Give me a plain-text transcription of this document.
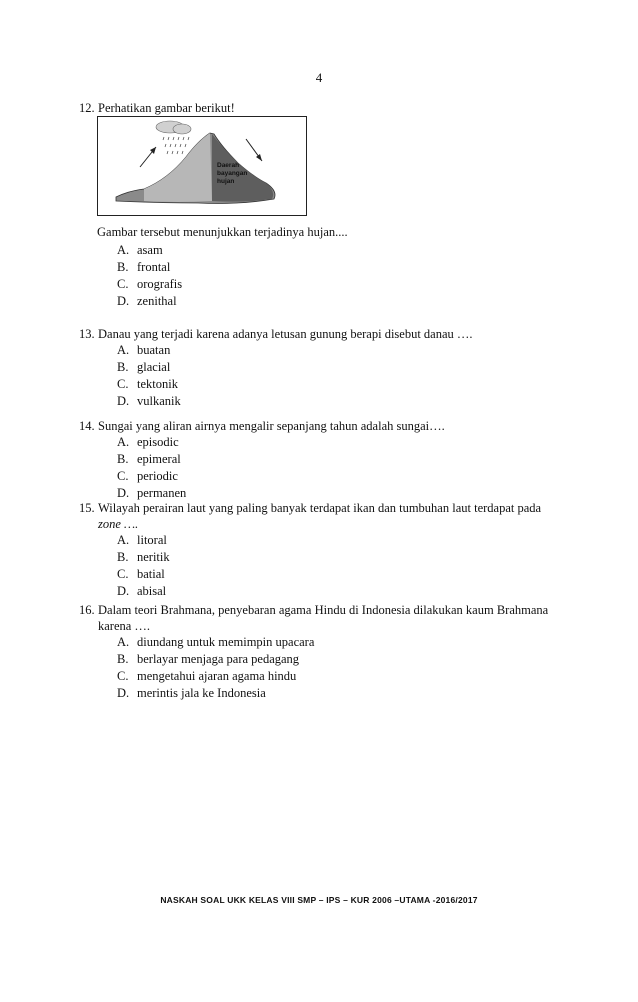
4
12. Perhatikan gambar berikut!
Daerah
bayangan
hujan
Gambar tersebut menunjukkan terjadinya hujan....
A. asam
B. frontal
C. orografis
D. zenithal
13. Danau yang terjadi karena adanya letusan gunung berapi disebut danau ….
A. buatan
B. glacial
C. tektonik
D. vulkanik
14. Sungai yang aliran airnya mengalir sepanjang tahun adalah sungai….
A. episodic
B. epimeral
C. periodic
D. permanen
15. Wilayah perairan laut yang paling banyak terdapat ikan dan tumbuhan laut terdapat pada
zone ….
A. litoral
B. neritik
C. batial
D. abisal
16. Dalam teori Brahmana, penyebaran agama Hindu di Indonesia dilakukan kaum Brahmana
karena ….
A. diundang untuk memimpin upacara
B. berlayar menjaga para pedagang
C. mengetahui ajaran agama hindu
D. merintis jala ke Indonesia
NASKAH SOAL UKK KELAS VIII SMP – IPS – KUR 2006 –UTAMA -2016/2017
